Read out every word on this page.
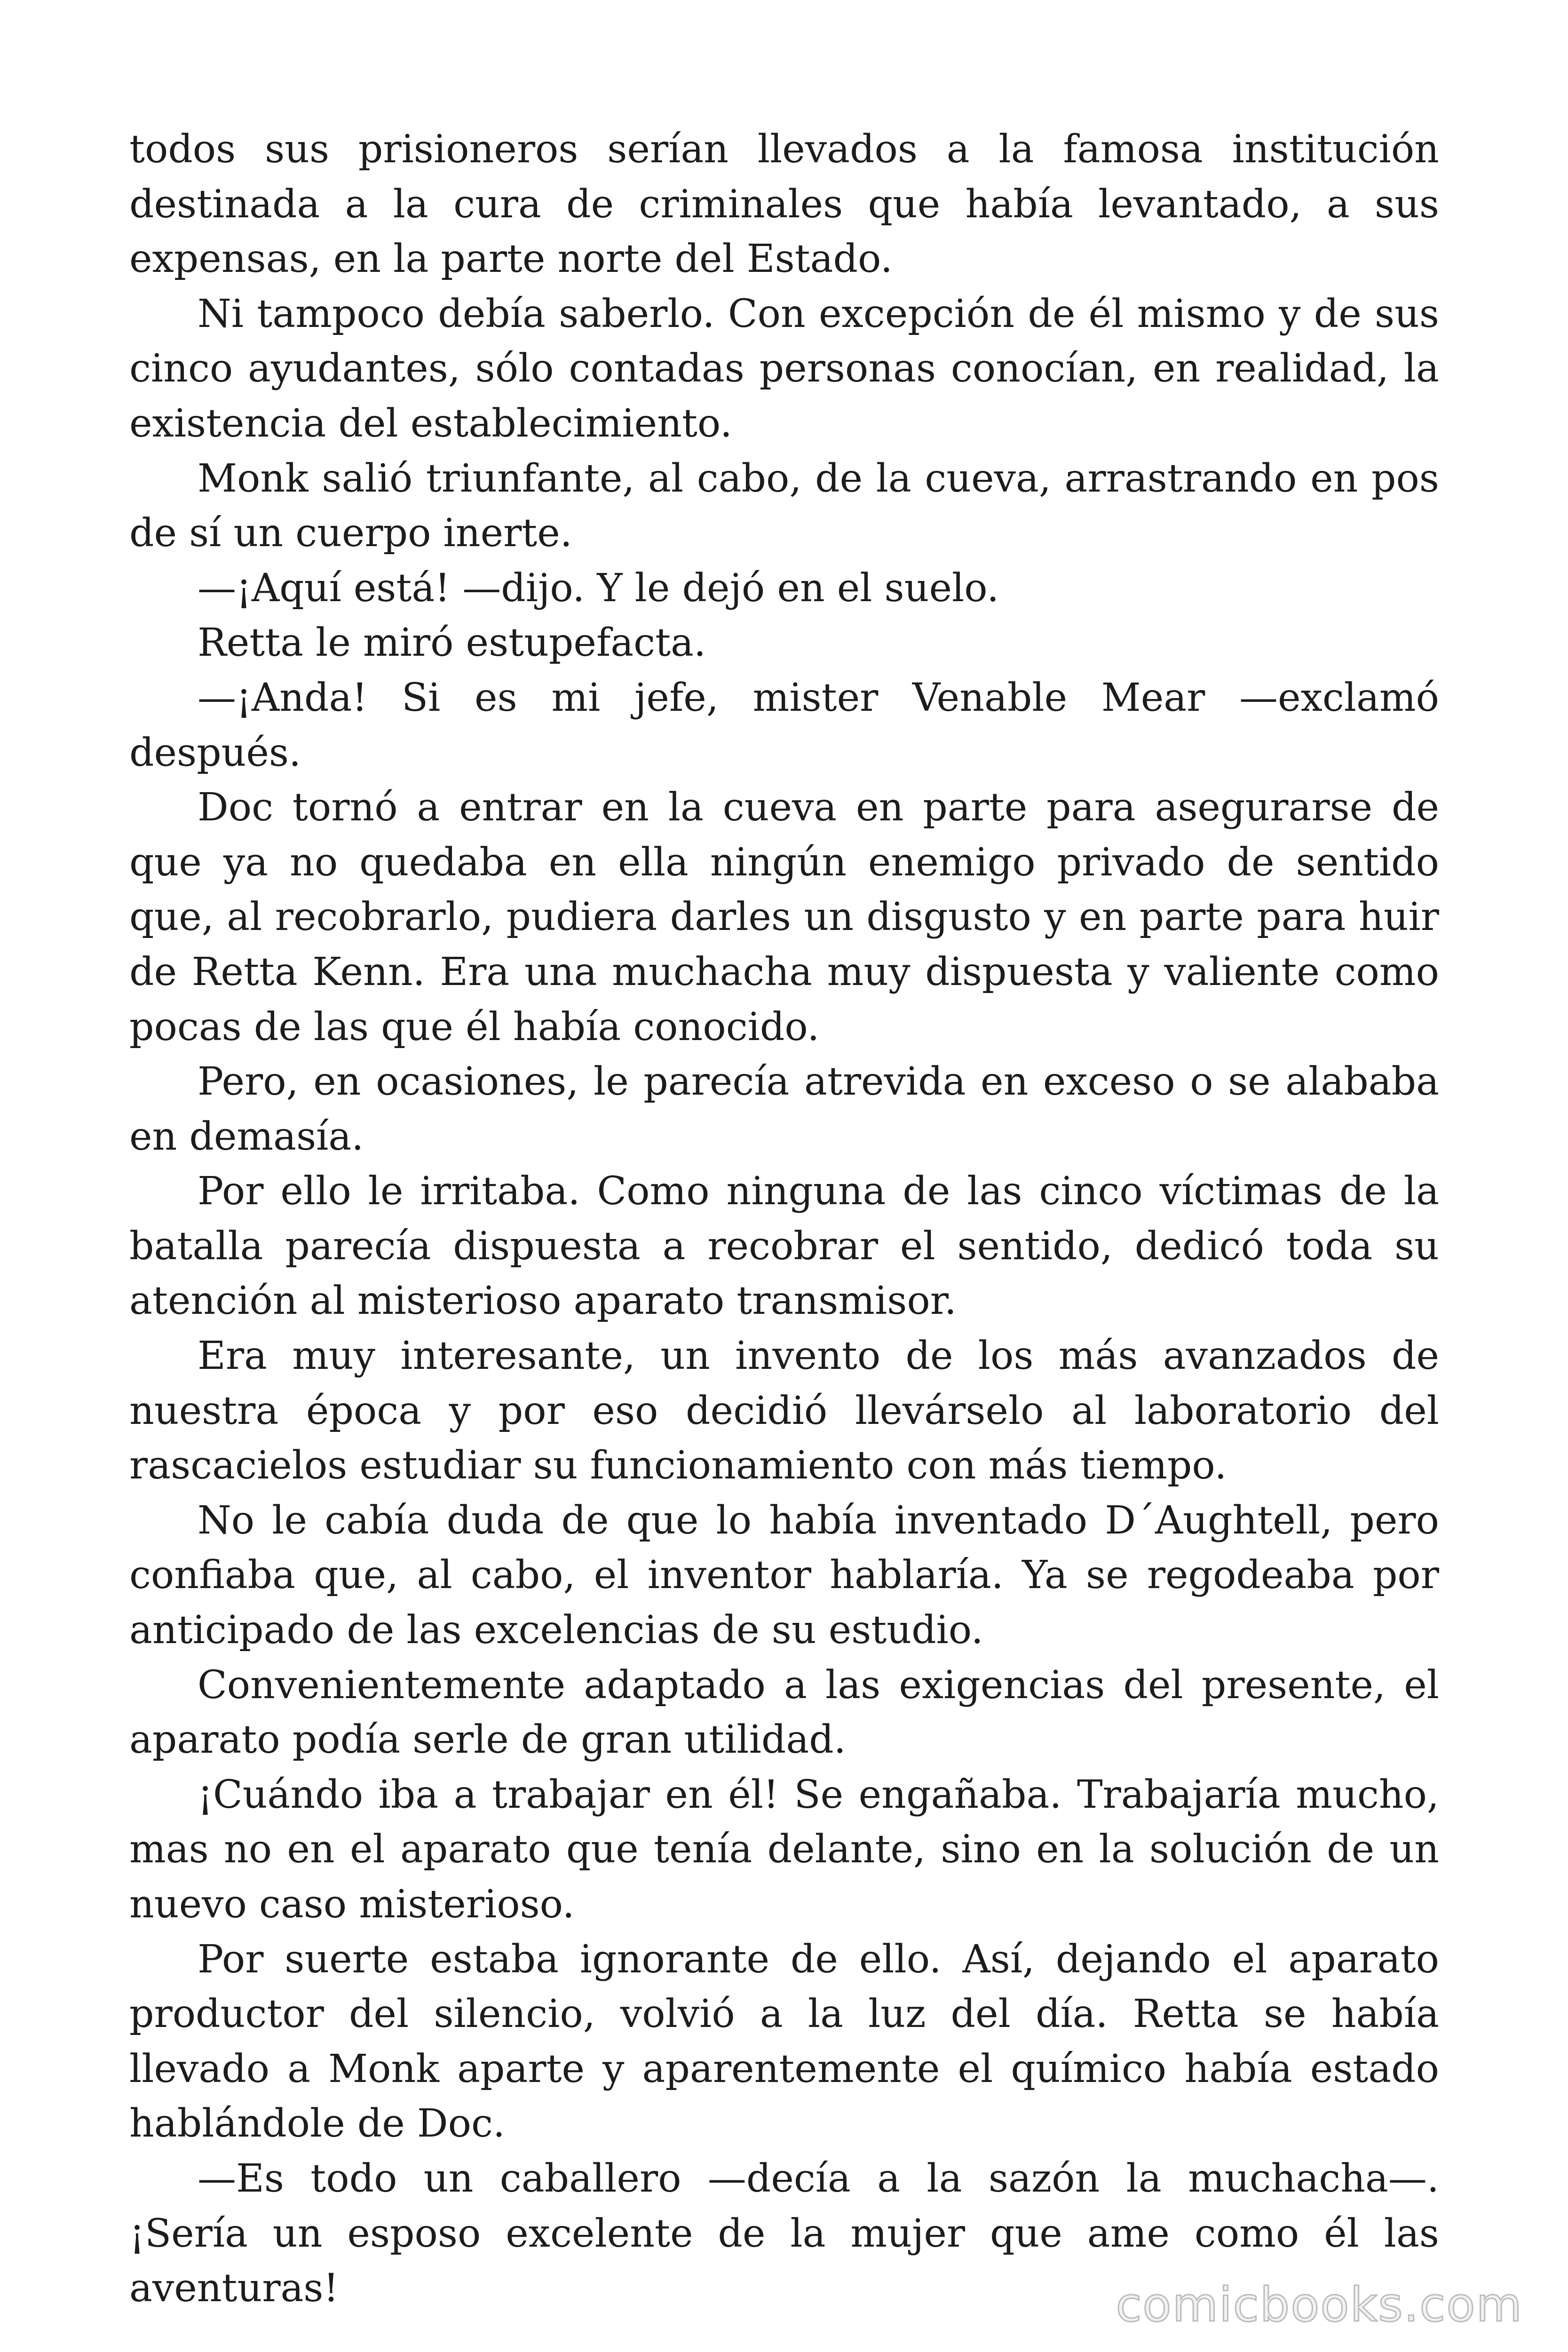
todos sus prisioneros serían llevados a la famosa institución destinada a la cura de criminales que había levantado, a sus expensas, en la parte norte del Estado.

Ni tampoco debía saberlo. Con excepción de él mismo y de sus cinco ayudantes, sólo contadas personas conocían, en realidad, la existencia del establecimiento.

Monk salió triunfante, al cabo, de la cueva, arrastrando en pos de sí un cuerpo inerte.

—¡Aquí está! —dijo. Y le dejó en el suelo.

Retta le miró estupefacta.

—¡Anda! Si es mi jefe, mister Venable Mear —exclamó después.

Doc tornó a entrar en la cueva en parte para asegurarse de que ya no quedaba en ella ningún enemigo privado de sentido que, al recobrarlo, pudiera darles un disgusto y en parte para huir de Retta Kenn. Era una muchacha muy dispuesta y valiente como pocas de las que él había conocido.

Pero, en ocasiones, le parecía atrevida en exceso o se alababa en demasía.

Por ello le irritaba. Como ninguna de las cinco víctimas de la batalla parecía dispuesta a recobrar el sentido, dedicó toda su atención al misterioso aparato transmisor.

Era muy interesante, un invento de los más avanzados de nuestra época y por eso decidió llevárselo al laboratorio del rascacielos estudiar su funcionamiento con más tiempo.

No le cabía duda de que lo había inventado D´Aughtell, pero confiaba que, al cabo, el inventor hablaría. Ya se regodeaba por anticipado de las excelencias de su estudio.

Convenientemente adaptado a las exigencias del presente, el aparato podía serle de gran utilidad.

¡Cuándo iba a trabajar en él! Se engañaba. Trabajaría mucho, mas no en el aparato que tenía delante, sino en la solución de un nuevo caso misterioso.

Por suerte estaba ignorante de ello. Así, dejando el aparato productor del silencio, volvió a la luz del día. Retta se había llevado a Monk aparte y aparentemente el químico había estado hablándole de Doc.

—Es todo un caballero —decía a la sazón la muchacha—. ¡Sería un esposo excelente de la mujer que ame como él las aventuras!	comicbooks.com
